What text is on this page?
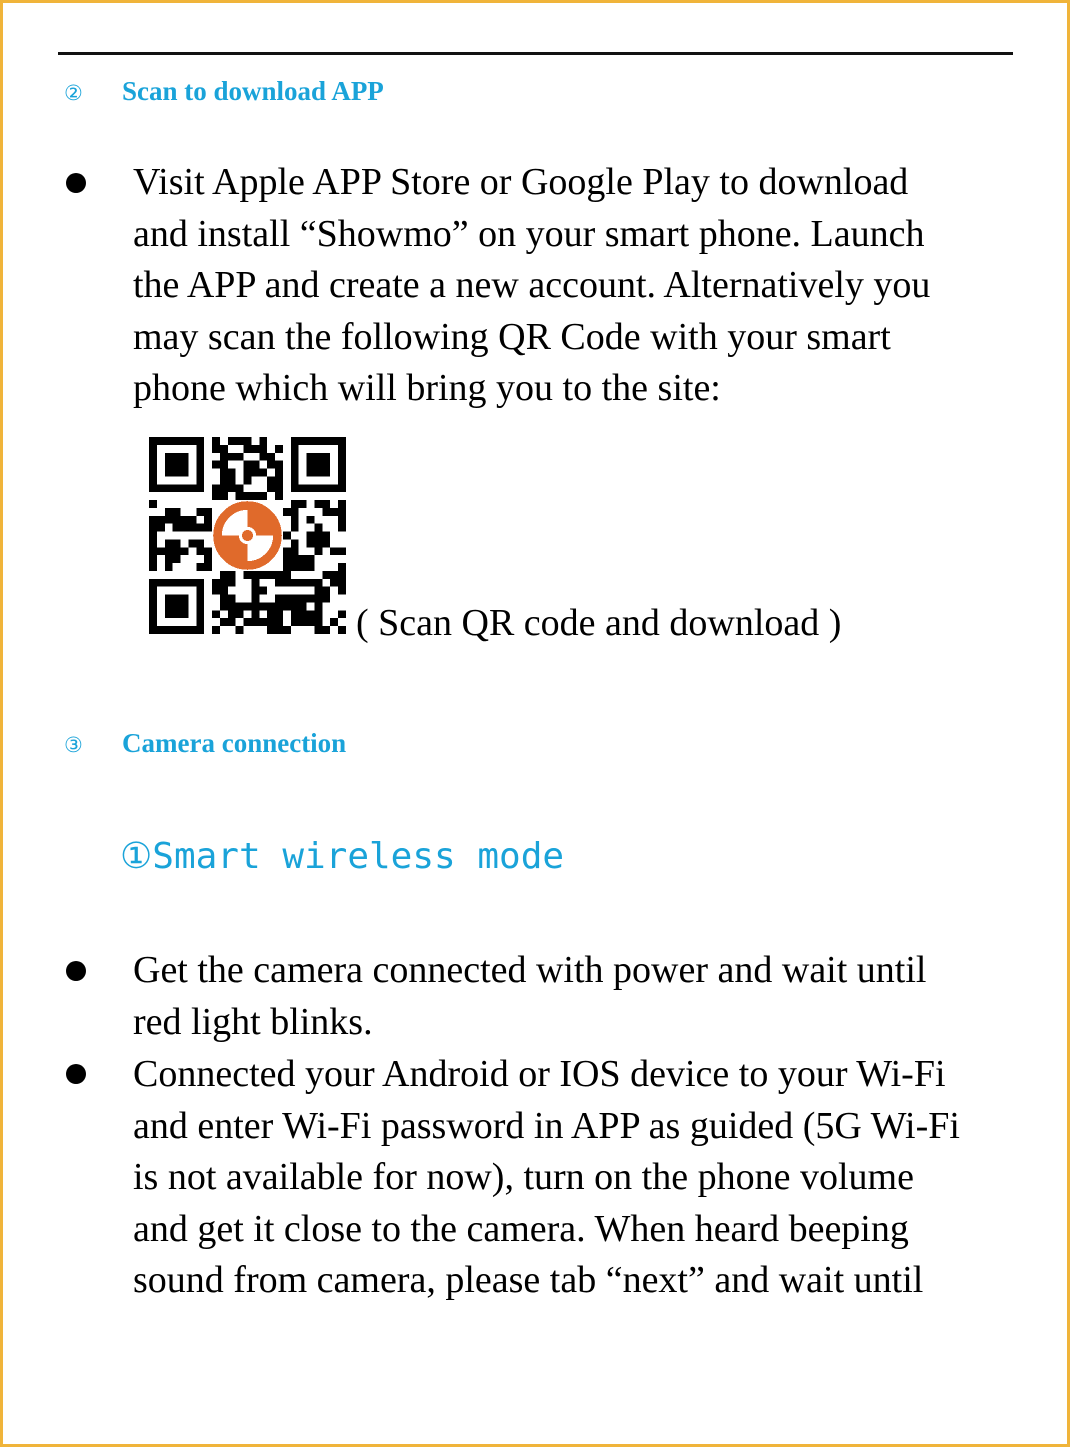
② Scan to download APP
Visit Apple APP Store or Google Play to download
and install “Showmo” on your smart phone. Launch
the APP and create a new account. Alternatively you
may scan the following QR Code with your smart
phone which will bring you to the site:
( Scan QR code and download )
③ Camera connection
①Smart wireless mode
Get the camera connected with power and wait until
red light blinks.
Connected your Android or IOS device to your Wi-Fi
and enter Wi-Fi password in APP as guided (5G Wi-Fi
is not available for now), turn on the phone volume
and get it close to the camera. When heard beeping
sound from camera, please tab “next” and wait until
